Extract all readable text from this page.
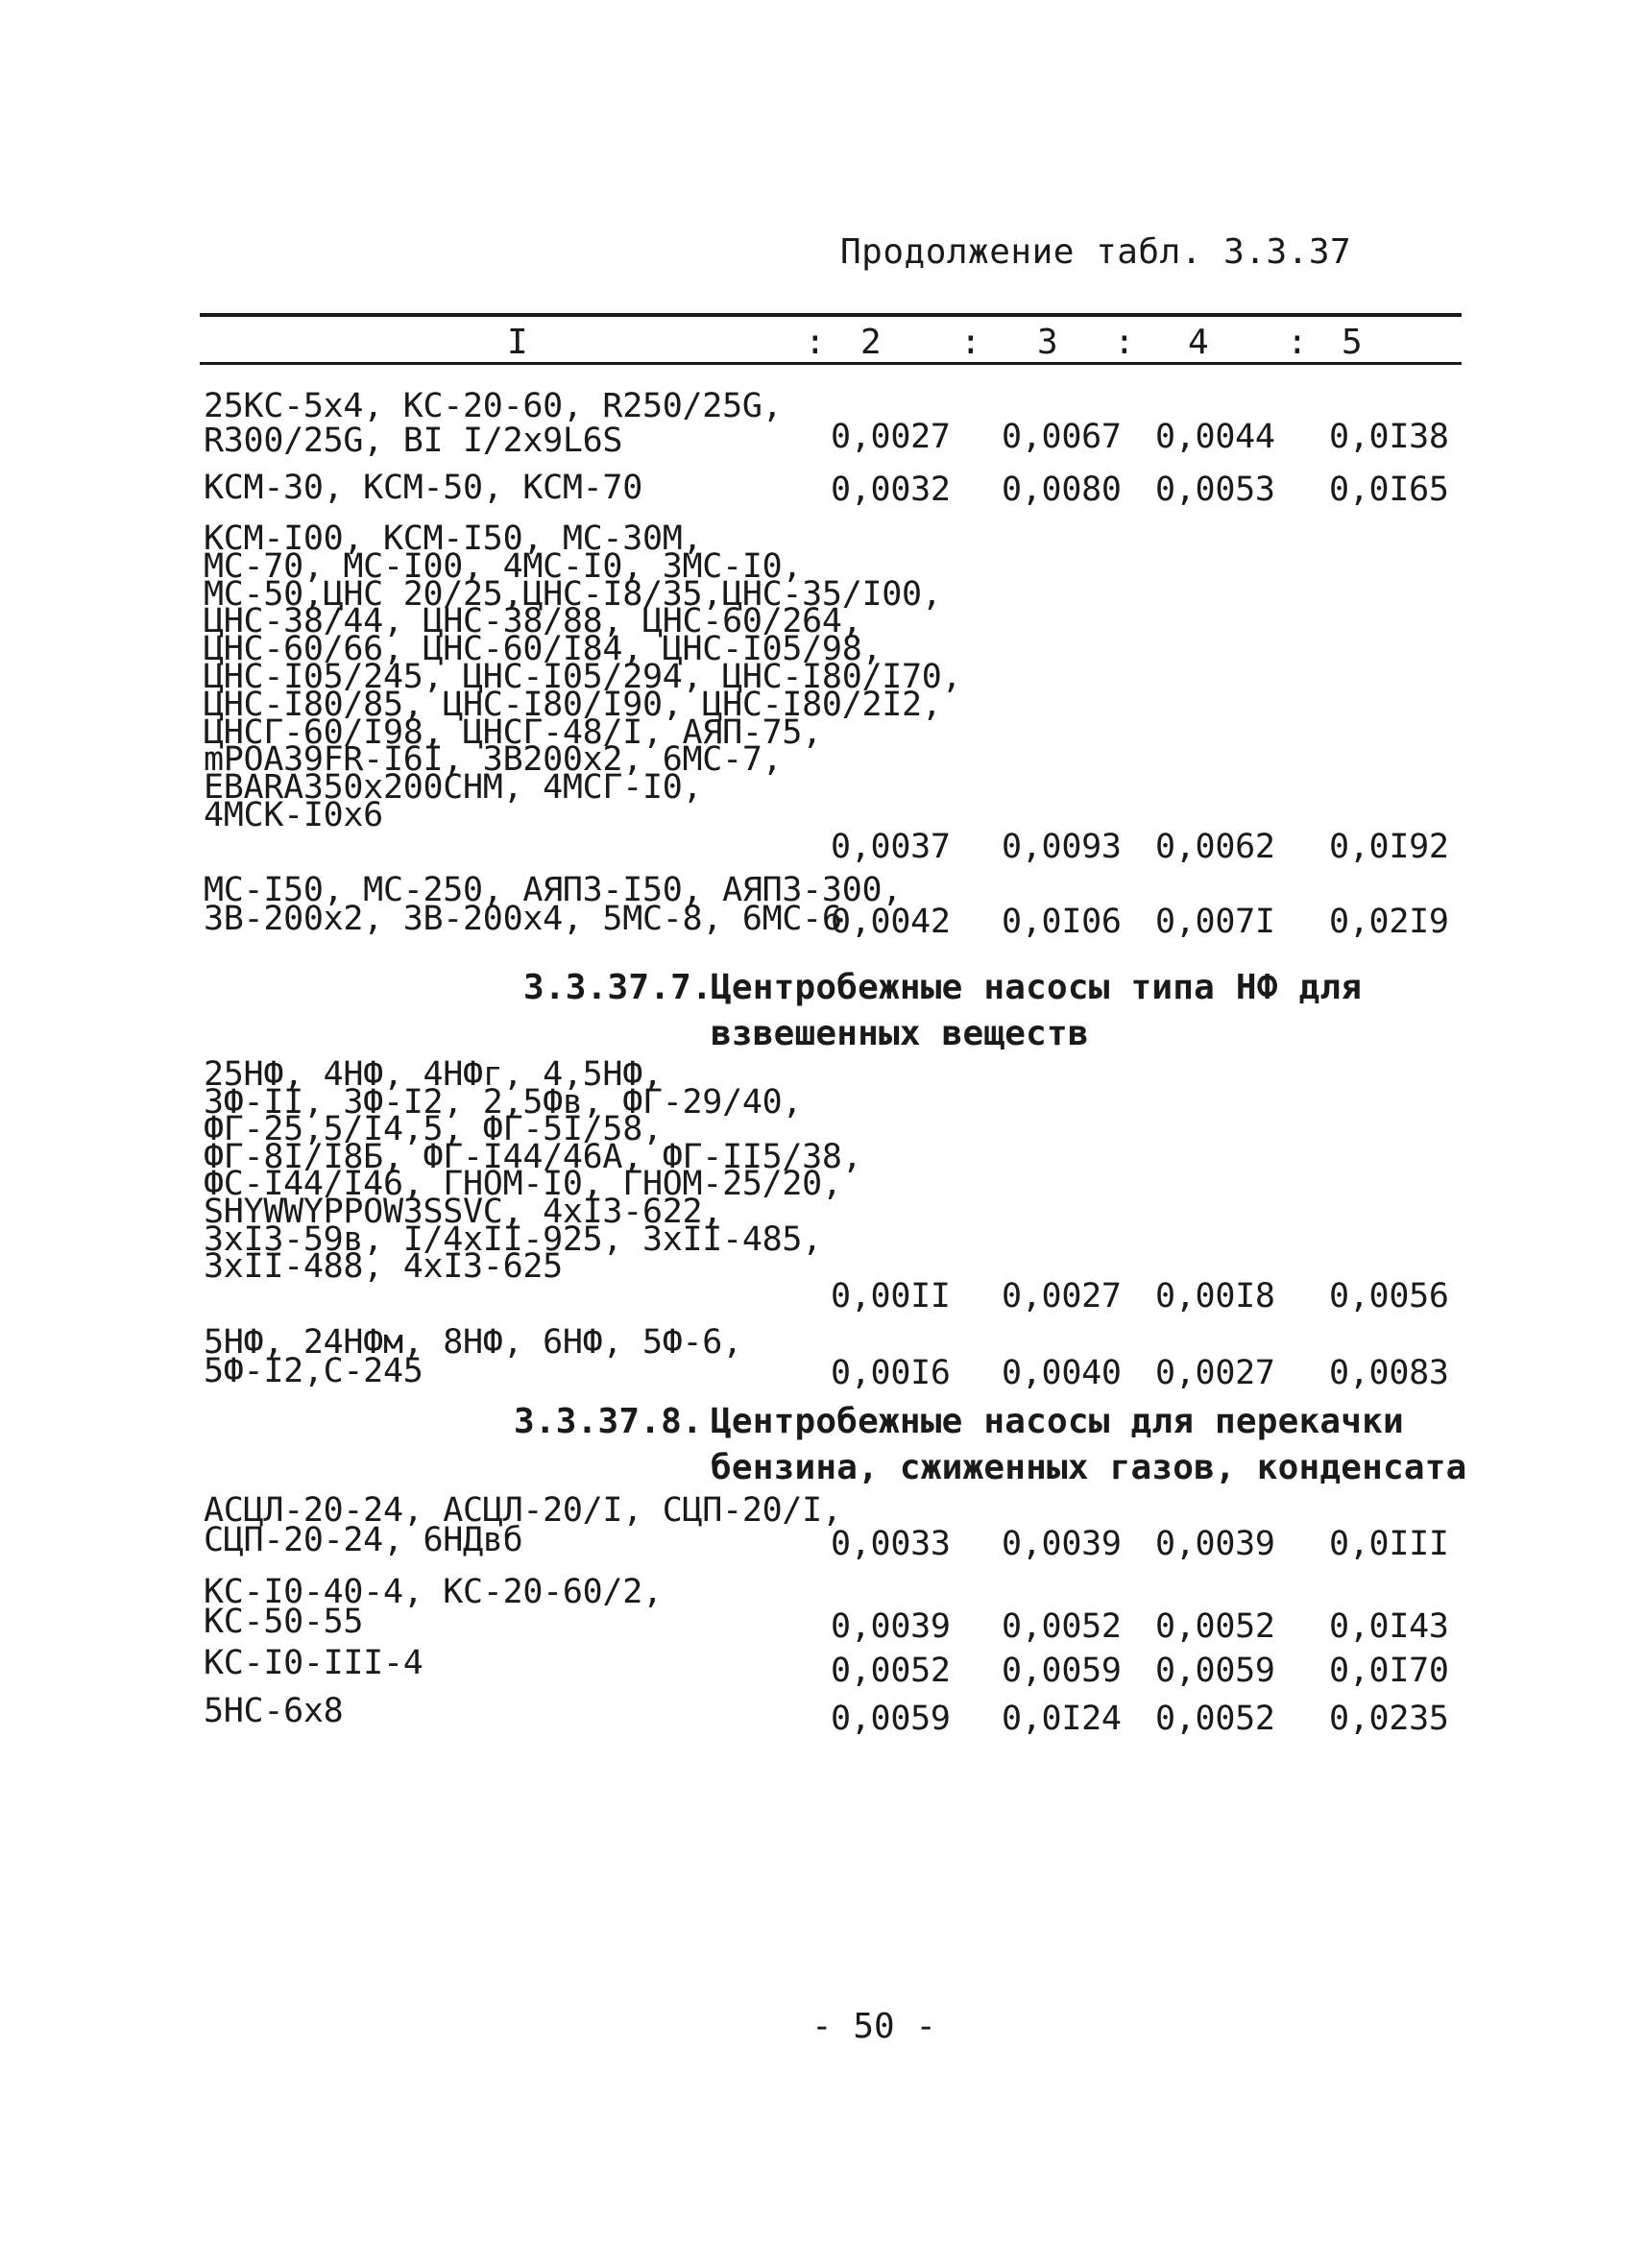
Продолжение табл. 3.3.37
I	: 2 : 3 : 4 : 5
25КС-5х4, КС-20-60, R250/25G,
R300/25G, ВI I/2x9L6S	0,0027 0,0067 0,0044 0,0I38
КСМ-30, КСМ-50, КСМ-70	0,0032 0,0080 0,0053 0,0I65
КСМ-I00, КСМ-I50, МС-30М,
МС-70, МС-I00, 4МС-I0, 3МС-I0,
МС-50,ЦНС 20/25,ЦНС-I8/35,ЦНС-35/I00,
ЦНС-38/44, ЦНС-38/88, ЦНС-60/264,
ЦНС-60/66, ЦНС-60/I84, ЦНС-I05/98,
ЦНС-I05/245, ЦНС-I05/294, ЦНС-I80/I70,
ЦНС-I80/85, ЦНС-I80/I90, ЦНС-I80/2I2,
ЦНСГ-60/I98, ЦНСГ-48/I, АЯП-75,
mPOA39FR-I6I, 3В200х2, 6МС-7,
EBARA350x200CHM, 4МСГ-I0,
4МСК-I0х6
0,0037 0,0093 0,0062 0,0I92
МС-I50, МС-250, АЯПЗ-I50, АЯПЗ-300,
3В-200х2, 3В-200х4, 5МС-8, 6МС-6
0,0042 0,0I06 0,007I 0,02I9
3.3.37.7.
Центробежные насосы типа НФ для
взвешенных веществ
25НФ, 4НФ, 4НФг, 4,5НФ,
3Ф-II, 3Ф-I2, 2,5Фв, ФГ-29/40,
ФГ-25,5/I4,5, ФГ-5I/58,
ФГ-8I/I8Б, ФГ-I44/46А, ФГ-II5/38,
ФС-I44/I46, ГНОМ-I0, ГНОМ-25/20,
SHYWWYPPOW3SSVC, 4хI3-622,
3хI3-59в, I/4хII-925, 3хII-485,
3хII-488, 4хI3-625
0,00II 0,0027 0,00I8 0,0056
5НФ, 24НФм, 8НФ, 6НФ, 5Ф-6,
5Ф-I2,С-245	0,00I6 0,0040 0,0027 0,0083
3.3.37.8. Центробежные насосы для перекачки
бензина, сжиженных газов, конденсата
АСЦЛ-20-24, АСЦЛ-20/I, СЦП-20/I,
СЦП-20-24, 6НДвб	0,0033 0,0039 0,0039 0,0III
КС-I0-40-4, КС-20-60/2,
КС-50-55	0,0039 0,0052 0,0052 0,0I43
КС-I0-III-4	0,0052 0,0059 0,0059 0,0I70
5НС-6х8	0,0059 0,0I24 0,0052 0,0235
- 50 -
